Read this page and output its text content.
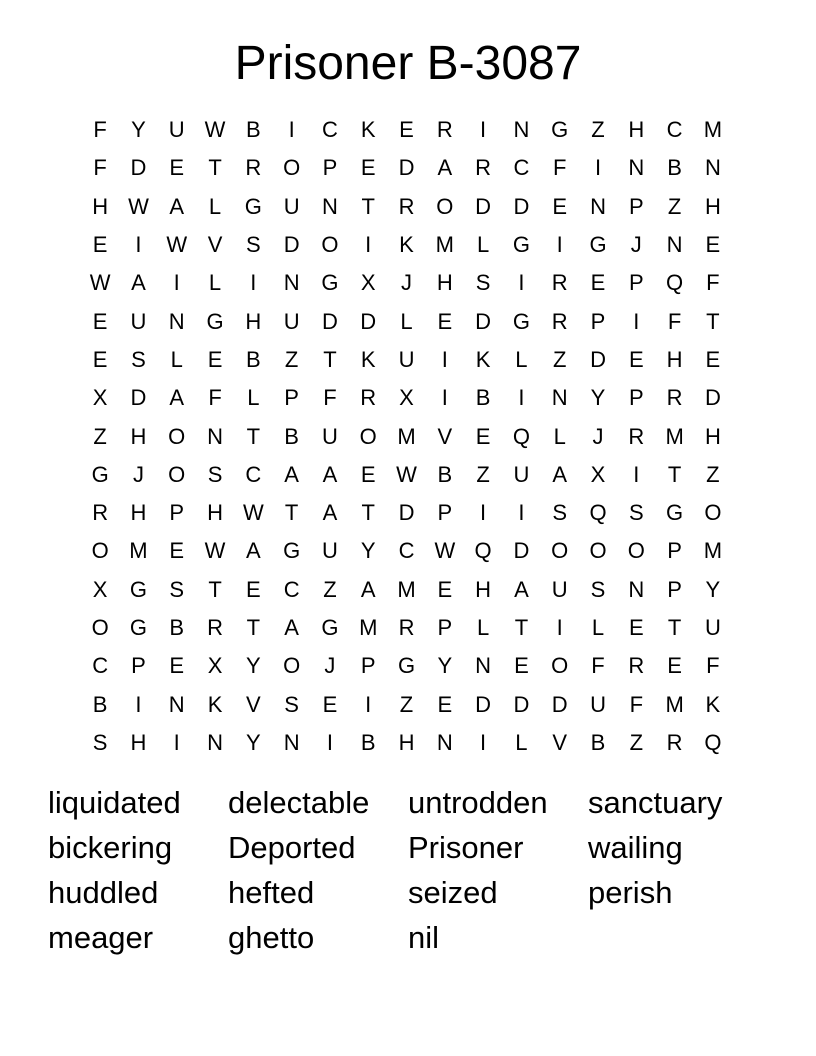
Prisoner B-3087
F	Y	U W B	I	C	K	E	R	I	N G	Z	H	C M
F	D	E	T	R O	P	E	D	A	R	C	F	I	N	B	N
H W A	L	G U	N	T	R O D	D	E	N	P	Z	H
E	I	W V	S	D O	I	K M	L	G	I	G	J	N	E
W A	I	L	I	N G	X	J	H	S	I	R	E	P	Q	F
E	U	N G H	U	D	D	L	E	D G R	P	I	F	T
E	S	L	E	B	Z	T	K	U	I	K	L	Z	D	E	H	E
X	D	A	F	L	P	F	R	X	I	B	I	N	Y	P	R	D
Z	H O N	T	B	U O M V	E	Q	L	J	R M H
G	J	O	S	C	A	A	E W B	Z	U	A	X	I	T	Z
R	H	P	H W T	A	T	D	P	I	I	S	Q	S	G O
O M E W A	G U	Y	C W Q D O O O	P M
X	G	S	T	E	C	Z	A M E	H	A	U	S	N	P	Y
O G	B	R	T	A	G M R	P	L	T	I	L	E	T	U
C	P	E	X	Y	O	J	P	G	Y	N	E	O	F	R	E	F
B	I	N	K	V	S	E	I	Z	E	D	D	D	U	F	M K
S	H	I	N	Y	N	I	B	H	N	I	L	V	B	Z	R Q
liquidated	delectable	untrodden	sanctuary
bickering	Deported	Prisoner	wailing
huddled	hefted	seized	perish
meager	ghetto	nil
